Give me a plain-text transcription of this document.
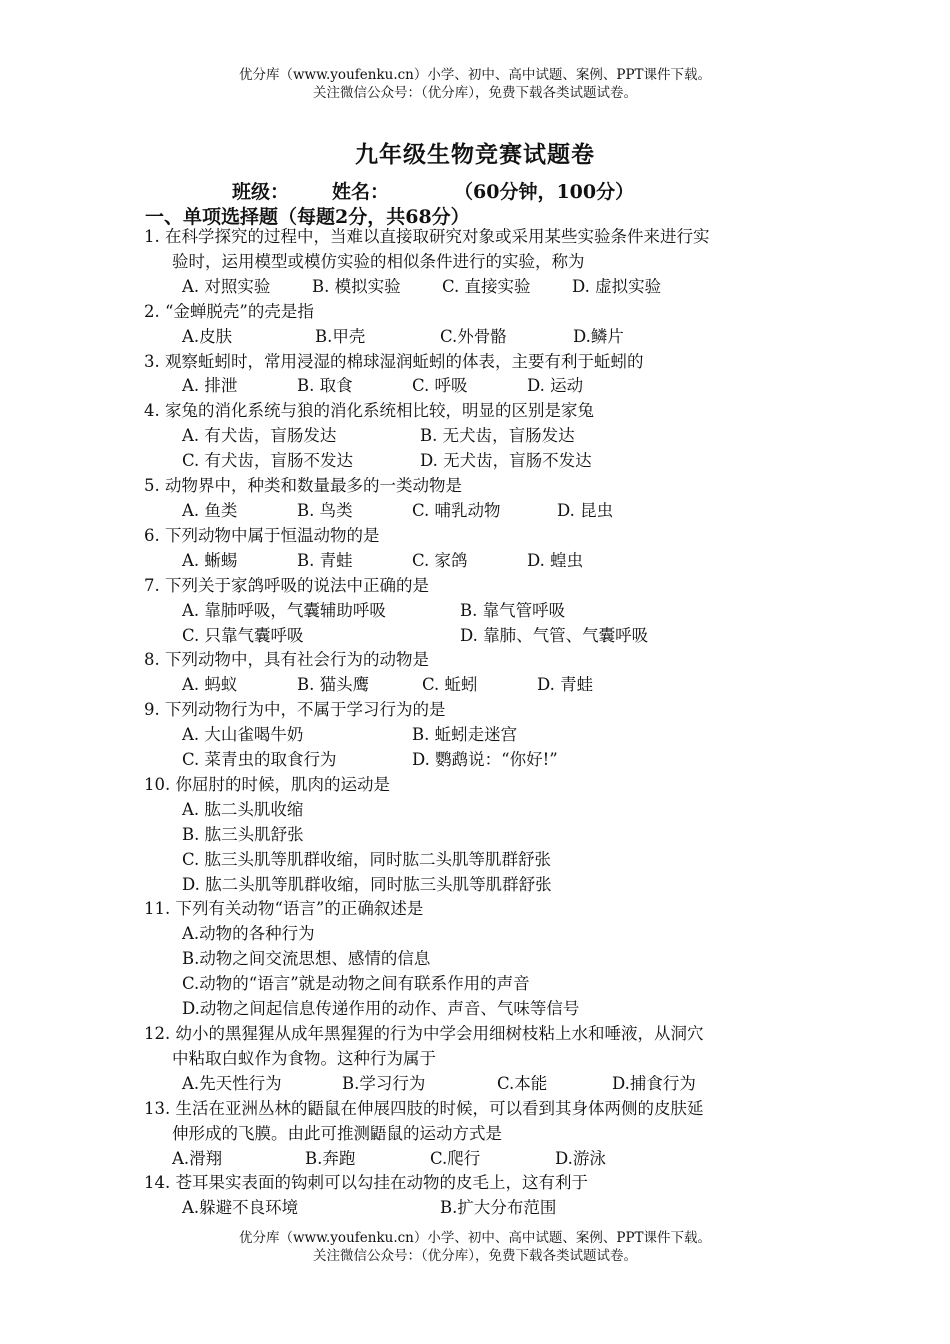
优分库（www.youfenku.cn）小学、初中、高中试题、案例、PPT课件下载。
关注微信公众号：（优分库），免费下载各类试题试卷。
九年级生物竞赛试题卷
班级： 姓名：	（60分钟，100分）
一、单项选择题（每题2分，共68分）
1. 在科学探究的过程中，当难以直接取研究对象或采用某些实验条件来进行实
验时，运用模型或模仿实验的相似条件进行的实验，称为
A. 对照实验	B. 模拟实验	C. 直接实验	D. 虚拟实验
2. “金蝉脱壳”的壳是指
A.皮肤	B.甲壳	C.外骨骼	D.鳞片
3. 观察蚯蚓时，常用浸湿的棉球湿润蚯蚓的体表，主要有利于蚯蚓的
A. 排泄	B. 取食	C. 呼吸	D. 运动
4. 家兔的消化系统与狼的消化系统相比较，明显的区别是家兔
A. 有犬齿，盲肠发达	B. 无犬齿，盲肠发达
C. 有犬齿，盲肠不发达	D. 无犬齿，盲肠不发达
5. 动物界中，种类和数量最多的一类动物是
A. 鱼类	B. 鸟类	C. 哺乳动物	D. 昆虫
6. 下列动物中属于恒温动物的是
A. 蜥蜴	B. 青蛙	C. 家鸽	D. 蝗虫
7. 下列关于家鸽呼吸的说法中正确的是
A. 靠肺呼吸，气囊辅助呼吸	B. 靠气管呼吸
C. 只靠气囊呼吸	D. 靠肺、气管、气囊呼吸
8. 下列动物中，具有社会行为的动物是
A. 蚂蚁	B. 猫头鹰	C. 蚯蚓	D. 青蛙
9. 下列动物行为中，不属于学习行为的是
A. 大山雀喝牛奶	B. 蚯蚓走迷宫
C. 菜青虫的取食行为	D. 鹦鹉说：“你好!”
10. 你屈肘的时候，肌肉的运动是
A. 肱二头肌收缩
B. 肱三头肌舒张
C. 肱三头肌等肌群收缩，同时肱二头肌等肌群舒张
D. 肱二头肌等肌群收缩，同时肱三头肌等肌群舒张
11. 下列有关动物“语言”的正确叙述是
A.动物的各种行为
B.动物之间交流思想、感情的信息
C.动物的“语言”就是动物之间有联系作用的声音
D.动物之间起信息传递作用的动作、声音、气味等信号
12. 幼小的黑猩猩从成年黑猩猩的行为中学会用细树枝粘上水和唾液，从洞穴
中粘取白蚁作为食物。这种行为属于
A.先天性行为	B.学习行为	C.本能	D.捕食行为
13. 生活在亚洲丛林的鼯鼠在伸展四肢的时候，可以看到其身体两侧的皮肤延
伸形成的飞膜。由此可推测鼯鼠的运动方式是
A.滑翔	B.奔跑	C.爬行	D.游泳
14. 苍耳果实表面的钩刺可以勾挂在动物的皮毛上，这有利于
A.躲避不良环境	B.扩大分布范围
优分库（www.youfenku.cn）小学、初中、高中试题、案例、PPT课件下载。
关注微信公众号：（优分库），免费下载各类试题试卷。
